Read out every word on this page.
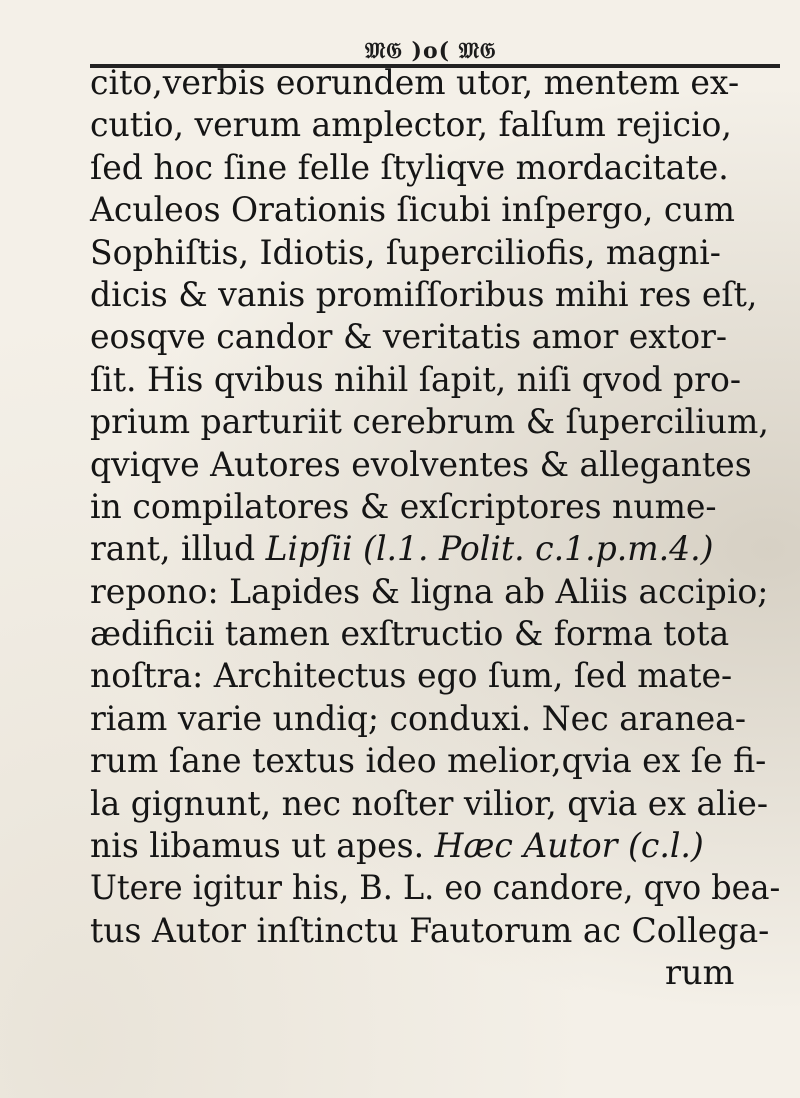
𝔐𝔊 )o( 𝔐𝔊
cito,verbis eorundem utor, mentem ex-
cutio, verum amplector, falſum rejicio,
ſed hoc ſine felle ſtyliqve mordacitate.
Aculeos Orationis ſicubi inſpergo, cum
Sophiſtis, Idiotis, ſuperciliofis, magni-
dicis & vanis promiſſoribus mihi res eſt,
eosqve candor & veritatis amor extor-
ſit. His qvibus nihil ſapit, niſi qvod pro-
prium parturiit cerebrum & ſupercilium,
qviqve Autores evolventes & allegantes
in compilatores & exſcriptores nume-
rant, illud Lipſii (l.1. Polit. c.1.p.m.4.)
repono: Lapides & ligna ab Aliis accipio;
ædificii tamen exſtructio & forma tota
noſtra: Architectus ego ſum, ſed mate-
riam varie undiq; conduxi. Nec aranea-
rum ſane textus ideo melior,qvia ex ſe fi-
la gignunt, nec noſter vilior, qvia ex alie-
nis libamus ut apes. Hæc Autor (c.l.)
Utere igitur his, B. L. eo candore, qvo bea-
tus Autor inſtinctu Fautorum ac Collega-
rum
